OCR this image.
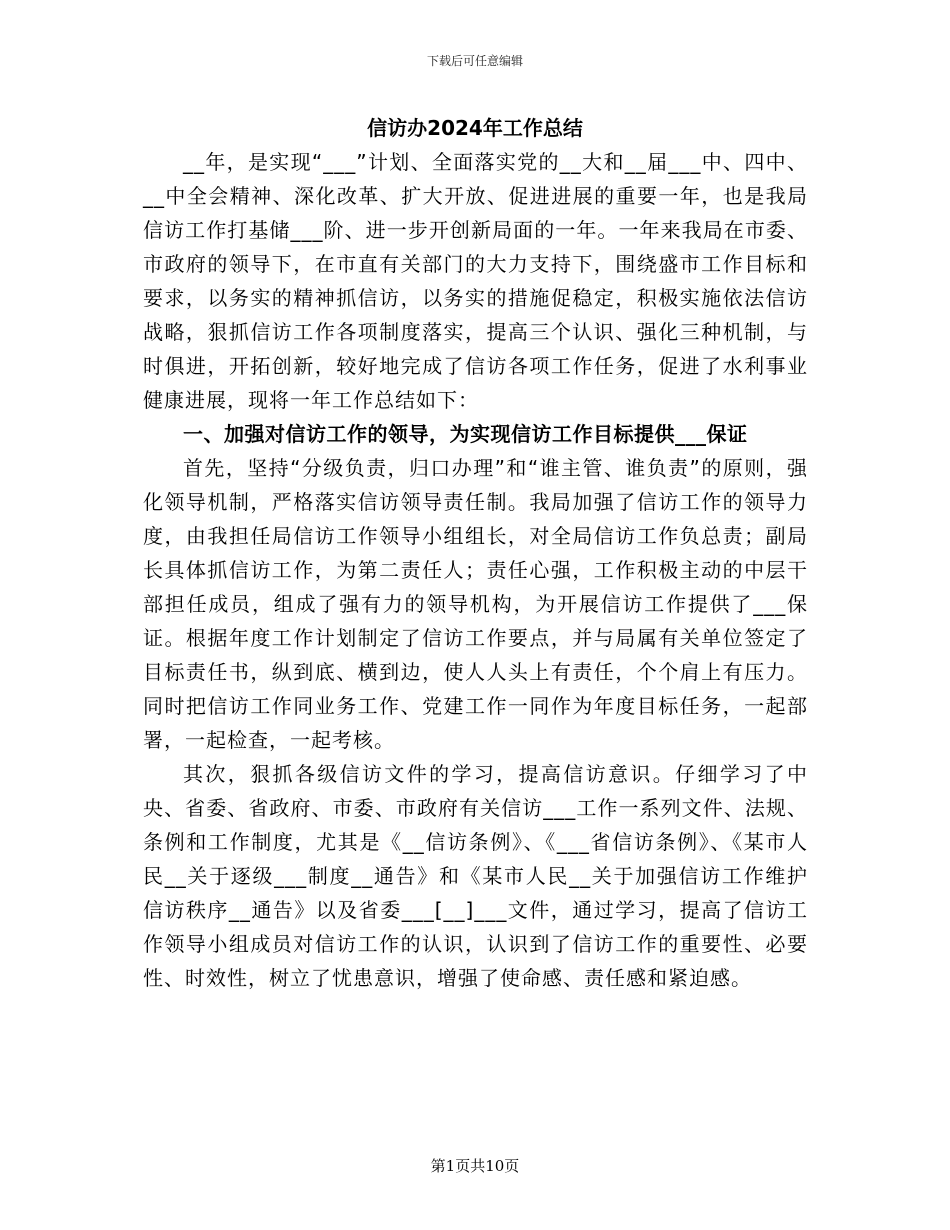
下载后可任意编辑
信访办2024年工作总结

__年，是实现“___”计划、全面落实党的__大和__届___中、四中、__中全会精神、深化改革、扩大开放、促进进展的重要一年，也是我局信访工作打基储___阶、进一步开创新局面的一年。一年来我局在市委、市政府的领导下，在市直有关部门的大力支持下，围绕盛市工作目标和要求，以务实的精神抓信访，以务实的措施促稳定，积极实施依法信访战略，狠抓信访工作各项制度落实，提高三个认识、强化三种机制，与时俱进，开拓创新，较好地完成了信访各项工作任务，促进了水利事业健康进展，现将一年工作总结如下：

一、加强对信访工作的领导，为实现信访工作目标提供___保证

首先，坚持“分级负责，归口办理”和“谁主管、谁负责”的原则，强化领导机制，严格落实信访领导责任制。我局加强了信访工作的领导力度，由我担任局信访工作领导小组组长，对全局信访工作负总责；副局长具体抓信访工作，为第二责任人；责任心强，工作积极主动的中层干部担任成员，组成了强有力的领导机构，为开展信访工作提供了___保证。根据年度工作计划制定了信访工作要点，并与局属有关单位签定了目标责任书，纵到底、横到边，使人人头上有责任，个个肩上有压力。同时把信访工作同业务工作、党建工作一同作为年度目标任务，一起部署，一起检查，一起考核。

其次，狠抓各级信访文件的学习，提高信访意识。仔细学习了中央、省委、省政府、市委、市政府有关信访___工作一系列文件、法规、条例和工作制度，尤其是《__信访条例》、《___省信访条例》、《某市人民__关于逐级___制度__通告》和《某市人民__关于加强信访工作维护信访秩序__通告》以及省委___[__]___文件，通过学习，提高了信访工作领导小组成员对信访工作的认识，认识到了信访工作的重要性、必要性、时效性，树立了忧患意识，增强了使命感、责任感和紧迫感。

第1页共10页
